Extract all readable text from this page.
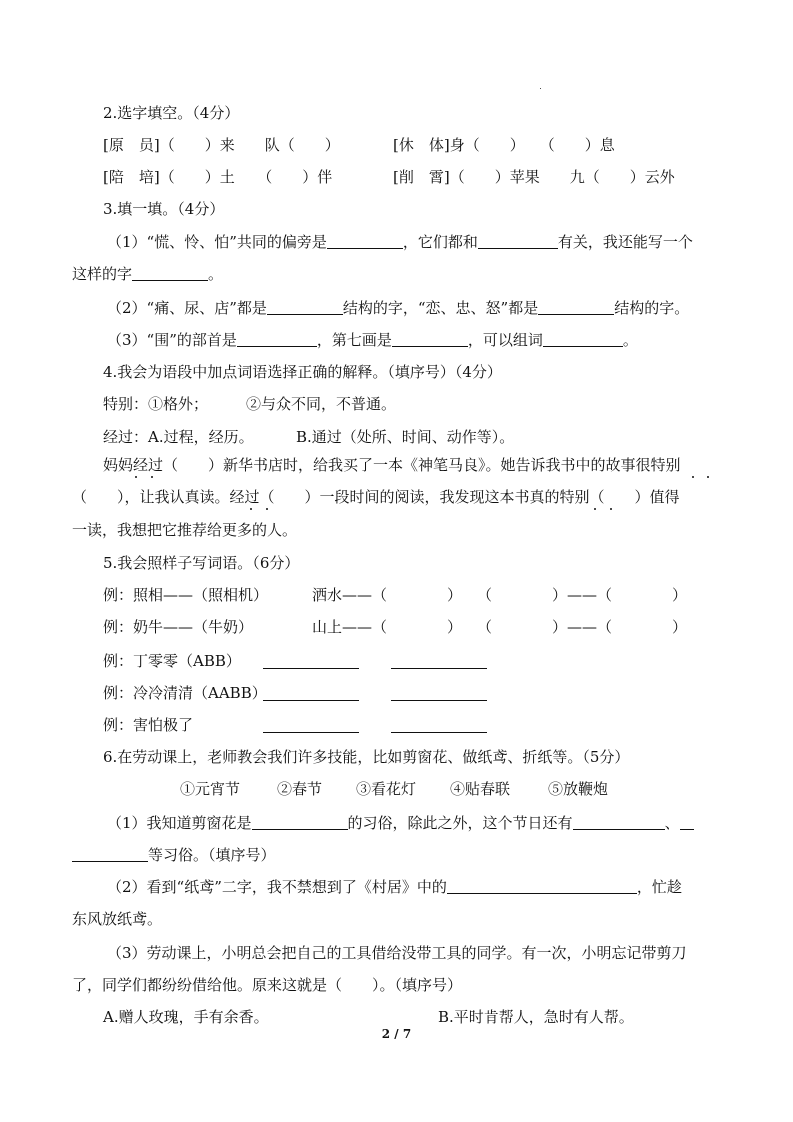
2.选字填空。（4分）
[原　员]（　　）来　　队（　　）	[休　体]身（　　）　　（　　）息
[陪　培]（　　）土　　（　　）伴	[削　霄]（　　）苹果　　九（　　）云外
3.填一填。（4分）
（1）“慌、怜、怕”共同的偏旁是	，它们都和	有关，我还能写一个
这样的字	。
（2）“痛、尿、店”都是	结构的字，“恋、忠、怒”都是	结构的字。
（3）“围”的部首是	，第七画是	，可以组词	。
4.我会为语段中加点词语选择正确的解释。（填序号）（4分）
特别： ①格外；	②与众不同，不普通。
经过： A.过程，经历。	B.通过（处所、时间、动作等）。
妈妈经过（　　）新华书店时，给我买了一本《神笔马良》。她告诉我书中的故事很特别
（　　），让我认真读。经过（　　）一段时间的阅读，我发现这本书真的特别（　　）值得
一读，我想把它推荐给更多的人。
5.我会照样子写词语。（6分）
例：照相——（照相机）	洒水——（　　　　）　　（　　　　）——（　　　　）
例：奶牛——（牛奶）	山上——（　　　　）　　（　　　　）——（　　　　）
例：丁零零（ABB）
例：冷冷清清（AABB）
例：害怕极了
6.在劳动课上，老师教会我们许多技能，比如剪窗花、做纸鸢、折纸等。（5分）
①元宵节 ②春节 ③看花灯 ④贴春联	⑤放鞭炮
（1）我知道剪窗花是	的习俗，除此之外，这个节日还有	、
等习俗。（填序号）
（2）看到“纸鸢”二字，我不禁想到了《村居》中的	，忙趁
东风放纸鸢。
（3）劳动课上，小明总会把自己的工具借给没带工具的同学。有一次，小明忘记带剪刀
了，同学们都纷纷借给他。原来这就是（　　）。（填序号）
A.赠人玫瑰，手有余香。	B.平时肯帮人，急时有人帮。
2 / 7
